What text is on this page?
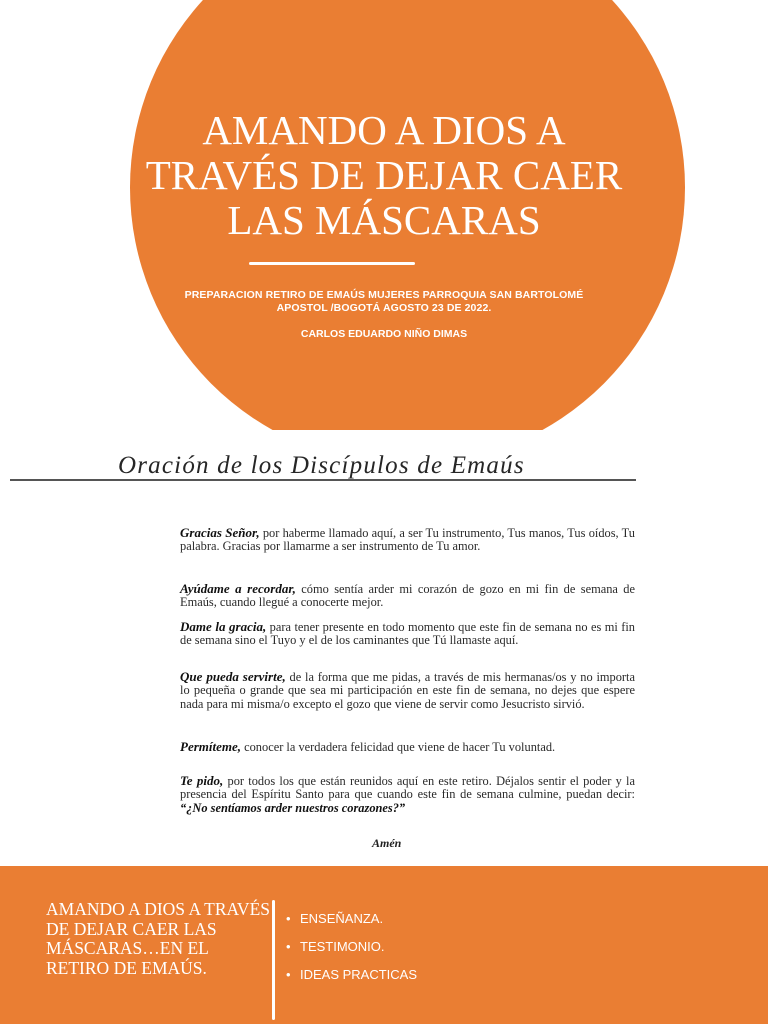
AMANDO A DIOS A TRAVÉS DE DEJAR CAER LAS MÁSCARAS
PREPARACION RETIRO DE EMAÚS MUJERES PARROQUIA SAN BARTOLOMÉ APOSTOL /BOGOTÁ AGOSTO 23 DE 2022.
CARLOS EDUARDO NIÑO DIMAS
Oración de los Discípulos de Emaús

Gracias Señor, por haberme llamado aquí, a ser Tu instrumento, Tus manos, Tus oídos, Tu palabra. Gracias por llamarme a ser instrumento de Tu amor.

Ayúdame a recordar, cómo sentía arder mi corazón de gozo en mi fin de semana de Emaús, cuando llegué a conocerte mejor.

Dame la gracia, para tener presente en todo momento que este fin de semana no es mi fin de semana sino el Tuyo y el de los caminantes que Tú llamaste aquí.

Que pueda servirte, de la forma que me pidas, a través de mis hermanas/os y no importa lo pequeña o grande que sea mi participación en este fin de semana, no dejes que espere nada para mi misma/o excepto el gozo que viene de servir como Jesucristo sirvió.

Permíteme, conocer la verdadera felicidad que viene de hacer Tu voluntad.

Te pido, por todos los que están reunidos aquí en este retiro. Déjalos sentir el poder y la presencia del Espíritu Santo para que cuando este fin de semana culmine, puedan decir: “¿No sentíamos arder nuestros corazones?”

Amén
AMANDO A DIOS A TRAVÉS DE DEJAR CAER LAS MÁSCARAS…EN EL RETIRO DE EMAÚS.
• ENSEÑANZA.
• TESTIMONIO.
• IDEAS PRACTICAS
